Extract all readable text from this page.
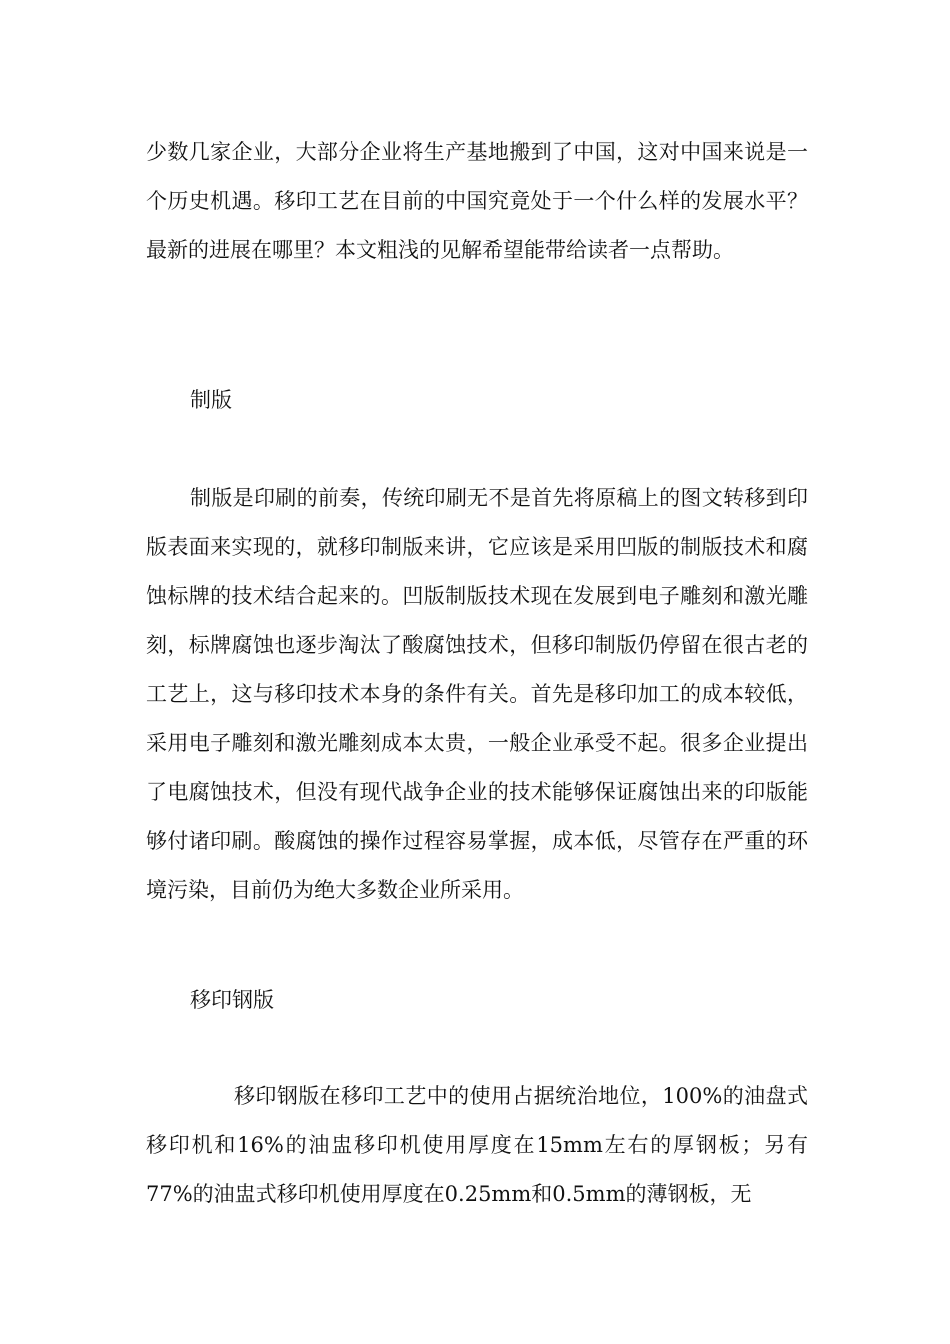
少数几家企业，大部分企业将生产基地搬到了中国，这对中国来说是一个历史机遇。移印工艺在目前的中国究竟处于一个什么样的发展水平？最新的进展在哪里？本文粗浅的见解希望能带给读者一点帮助。

制版

制版是印刷的前奏，传统印刷无不是首先将原稿上的图文转移到印版表面来实现的，就移印制版来讲，它应该是采用凹版的制版技术和腐蚀标牌的技术结合起来的。凹版制版技术现在发展到电子雕刻和激光雕刻，标牌腐蚀也逐步淘汰了酸腐蚀技术，但移印制版仍停留在很古老的工艺上，这与移印技术本身的条件有关。首先是移印加工的成本较低，采用电子雕刻和激光雕刻成本太贵，一般企业承受不起。很多企业提出了电腐蚀技术，但没有现代战争企业的技术能够保证腐蚀出来的印版能够付诸印刷。酸腐蚀的操作过程容易掌握，成本低，尽管存在严重的环境污染，目前仍为绝大多数企业所采用。

移印钢版

移印钢版在移印工艺中的使用占据统治地位，100%的油盘式移印机和16%的油盅移印机使用厚度在15mm左右的厚钢板；另有77%的油盅式移印机使用厚度在0.25mm和0.5mm的薄钢板，无
